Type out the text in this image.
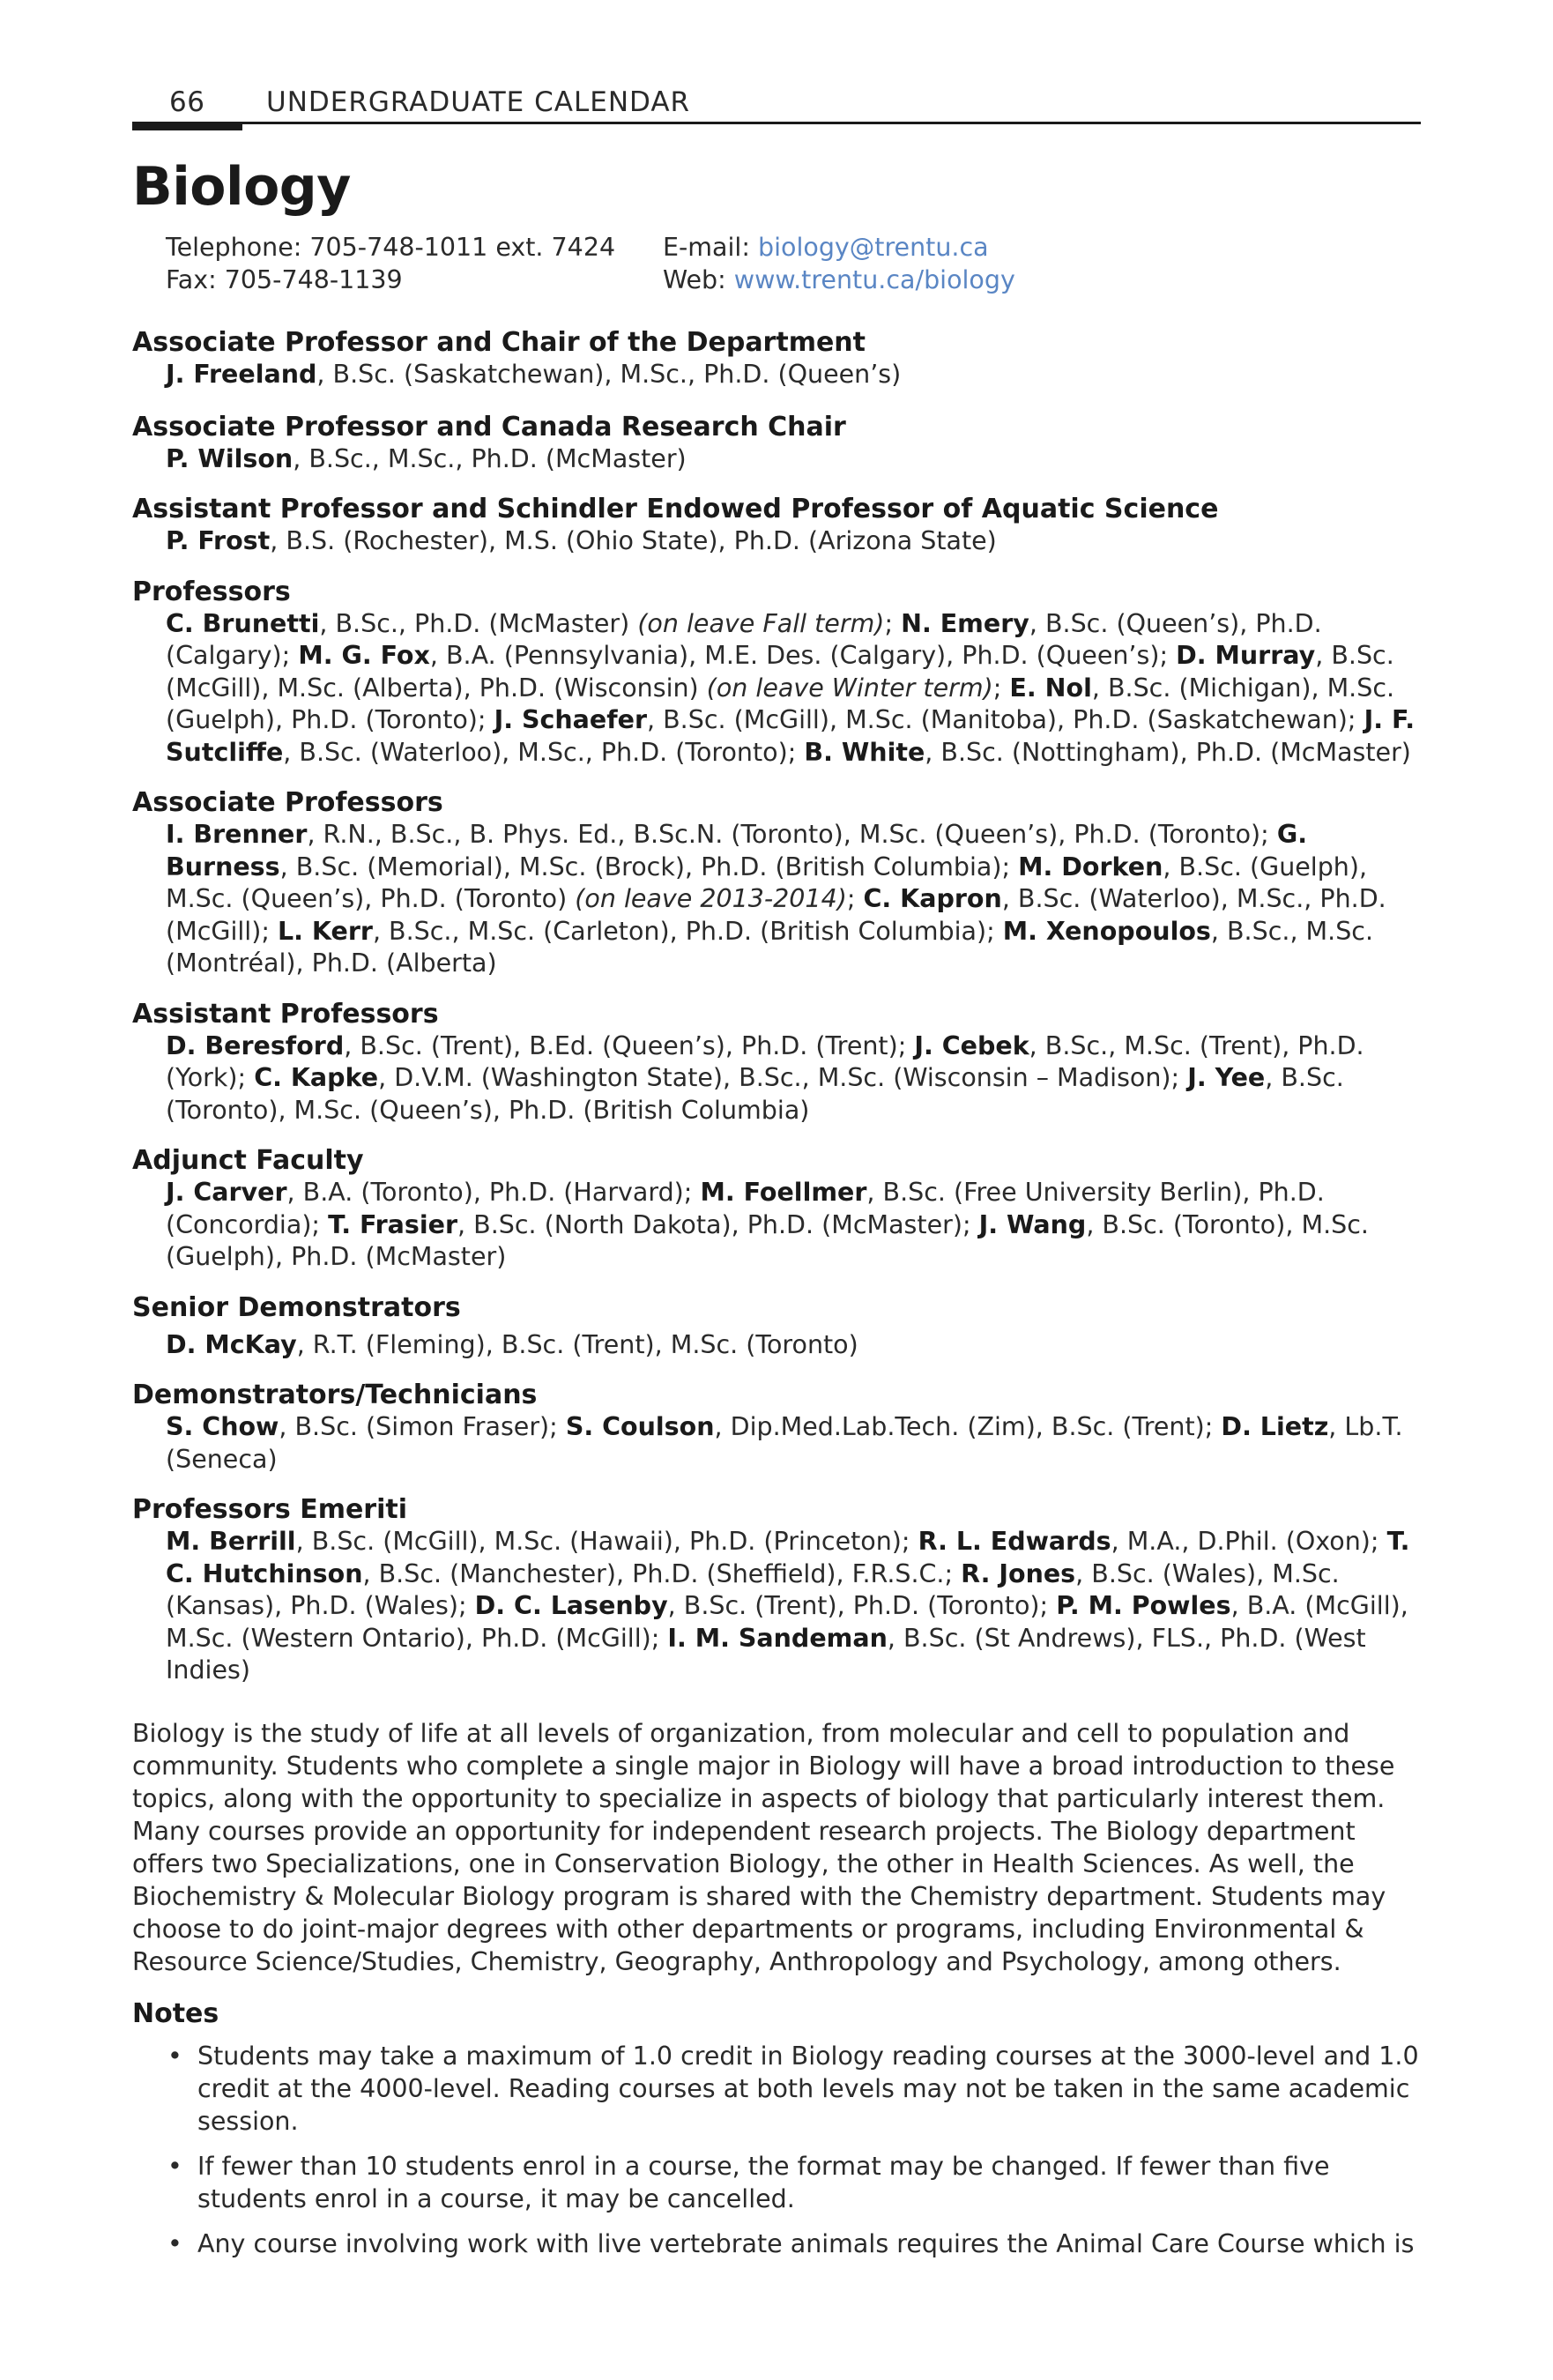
66 UNDERGRADUATE CALENDAR
Biology
Telephone: 705-748-1011 ext. 7424	E-mail: biology@trentu.ca
Fax: 705-748-1139	Web: www.trentu.ca/biology
Associate Professor and Chair of the Department
J. Freeland, B.Sc. (Saskatchewan), M.Sc., Ph.D. (Queen’s)
Associate Professor and Canada Research Chair
P. Wilson, B.Sc., M.Sc., Ph.D. (McMaster)
Assistant Professor and Schindler Endowed Professor of Aquatic Science
P. Frost, B.S. (Rochester), M.S. (Ohio State), Ph.D. (Arizona State)
Professors
C. Brunetti, B.Sc., Ph.D. (McMaster) (on leave Fall term); N. Emery, B.Sc. (Queen’s), Ph.D. (Calgary); M. G. Fox, B.A. (Pennsylvania), M.E. Des. (Calgary), Ph.D. (Queen’s); D. Murray, B.Sc. (McGill), M.Sc. (Alberta), Ph.D. (Wisconsin) (on leave Winter term); E. Nol, B.Sc. (Michigan), M.Sc. (Guelph), Ph.D. (Toronto); J. Schaefer, B.Sc. (McGill), M.Sc. (Manitoba), Ph.D. (Saskatchewan); J. F. Sutcliffe, B.Sc. (Waterloo), M.Sc., Ph.D. (Toronto); B. White, B.Sc. (Nottingham), Ph.D. (McMaster)
Associate Professors
I. Brenner, R.N., B.Sc., B. Phys. Ed., B.Sc.N. (Toronto), M.Sc. (Queen’s), Ph.D. (Toronto); G. Burness, B.Sc. (Memorial), M.Sc. (Brock), Ph.D. (British Columbia); M. Dorken, B.Sc. (Guelph), M.Sc. (Queen’s), Ph.D. (Toronto) (on leave 2013-2014); C. Kapron, B.Sc. (Waterloo), M.Sc., Ph.D. (McGill); L. Kerr, B.Sc., M.Sc. (Carleton), Ph.D. (British Columbia); M. Xenopoulos, B.Sc., M.Sc. (Montréal), Ph.D. (Alberta)
Assistant Professors
D. Beresford, B.Sc. (Trent), B.Ed. (Queen’s), Ph.D. (Trent); J. Cebek, B.Sc., M.Sc. (Trent), Ph.D. (York); C. Kapke, D.V.M. (Washington State), B.Sc., M.Sc. (Wisconsin – Madison); J. Yee, B.Sc. (Toronto), M.Sc. (Queen’s), Ph.D. (British Columbia)
Adjunct Faculty
J. Carver, B.A. (Toronto), Ph.D. (Harvard); M. Foellmer, B.Sc. (Free University Berlin), Ph.D. (Concordia); T. Frasier, B.Sc. (North Dakota), Ph.D. (McMaster); J. Wang, B.Sc. (Toronto), M.Sc. (Guelph), Ph.D. (McMaster)
Senior Demonstrators
D. McKay, R.T. (Fleming), B.Sc. (Trent), M.Sc. (Toronto)
Demonstrators/Technicians
S. Chow, B.Sc. (Simon Fraser); S. Coulson, Dip.Med.Lab.Tech. (Zim), B.Sc. (Trent); D. Lietz, Lb.T. (Seneca)
Professors Emeriti
M. Berrill, B.Sc. (McGill), M.Sc. (Hawaii), Ph.D. (Princeton); R. L. Edwards, M.A., D.Phil. (Oxon); T. C. Hutchinson, B.Sc. (Manchester), Ph.D. (Sheffield), F.R.S.C.; R. Jones, B.Sc. (Wales), M.Sc. (Kansas), Ph.D. (Wales); D. C. Lasenby, B.Sc. (Trent), Ph.D. (Toronto); P. M. Powles, B.A. (McGill), M.Sc. (Western Ontario), Ph.D. (McGill); I. M. Sandeman, B.Sc. (St Andrews), FLS., Ph.D. (West Indies)

Biology is the study of life at all levels of organization, from molecular and cell to population and community. Students who complete a single major in Biology will have a broad introduction to these topics, along with the opportunity to specialize in aspects of biology that particularly interest them. Many courses provide an opportunity for independent research projects. The Biology department offers two Specializations, one in Conservation Biology, the other in Health Sciences. As well, the Biochemistry & Molecular Biology program is shared with the Chemistry department. Students may choose to do joint-major degrees with other departments or programs, including Environmental & Resource Science/Studies, Chemistry, Geography, Anthropology and Psychology, among others.

Notes
• Students may take a maximum of 1.0 credit in Biology reading courses at the 3000-level and 1.0 credit at the 4000-level. Reading courses at both levels may not be taken in the same academic session.
• If fewer than 10 students enrol in a course, the format may be changed. If fewer than five students enrol in a course, it may be cancelled.
• Any course involving work with live vertebrate animals requires the Animal Care Course which is
